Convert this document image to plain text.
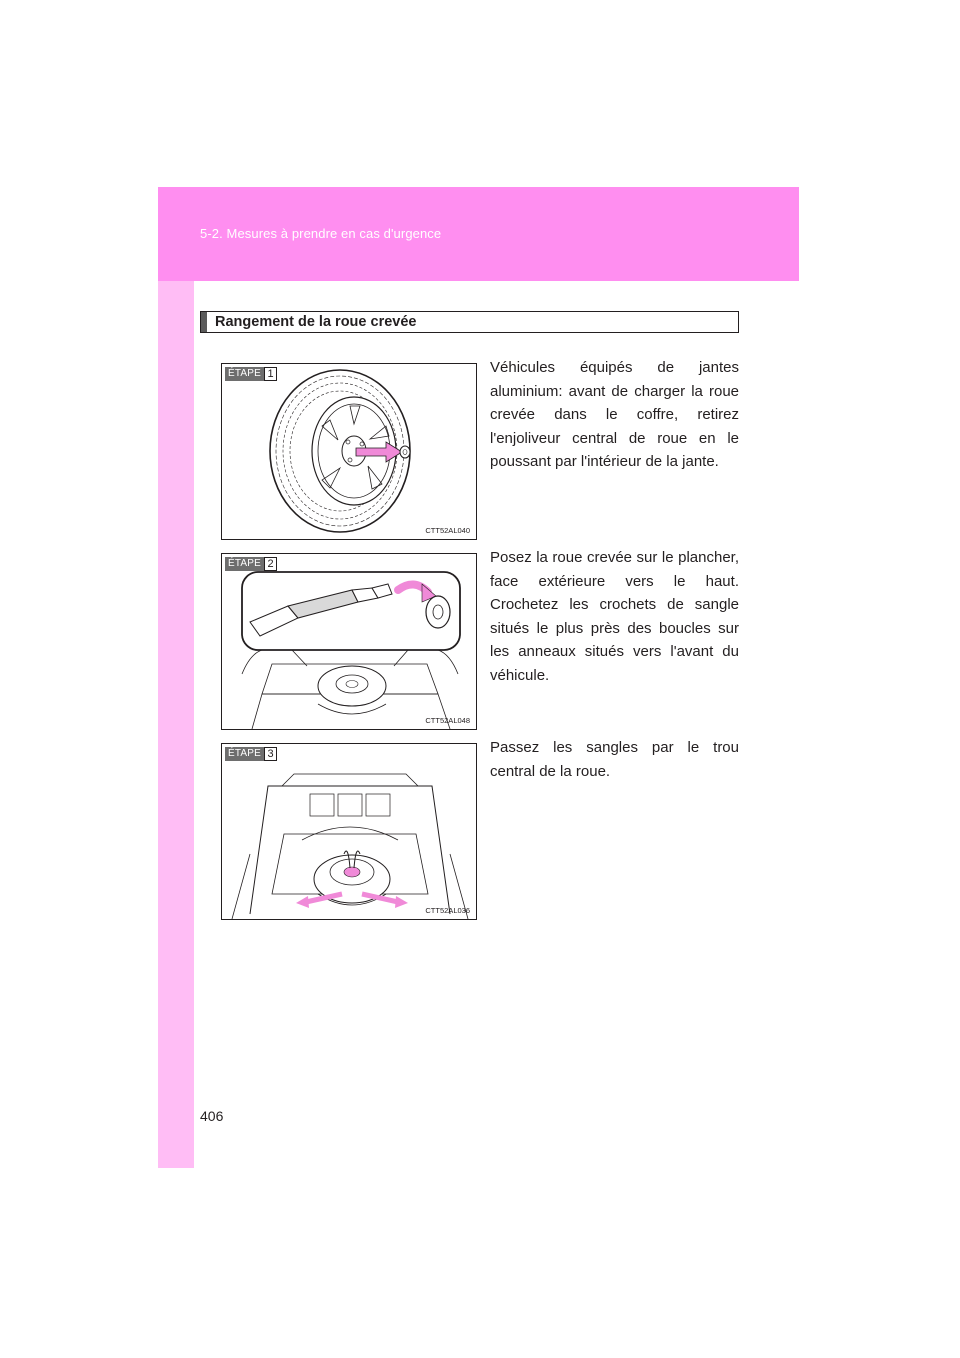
5-2. Mesures à prendre en cas d'urgence
Rangement de la roue crevée
ÉTAPE 1
CTT52AL040

Véhicules équipés de jantes aluminium: avant de charger la roue crevée dans le coffre, retirez l'enjoliveur central de roue en le poussant par l'intérieur de la jante.

ÉTAPE 2
CTT52AL048

Posez la roue crevée sur le plancher, face extérieure vers le haut. Crochetez les crochets de sangle situés le plus près des boucles sur les anneaux situés vers l'avant du véhicule.

ÉTAPE 3
CTT52AL036

Passez les sangles par le trou central de la roue.

406
